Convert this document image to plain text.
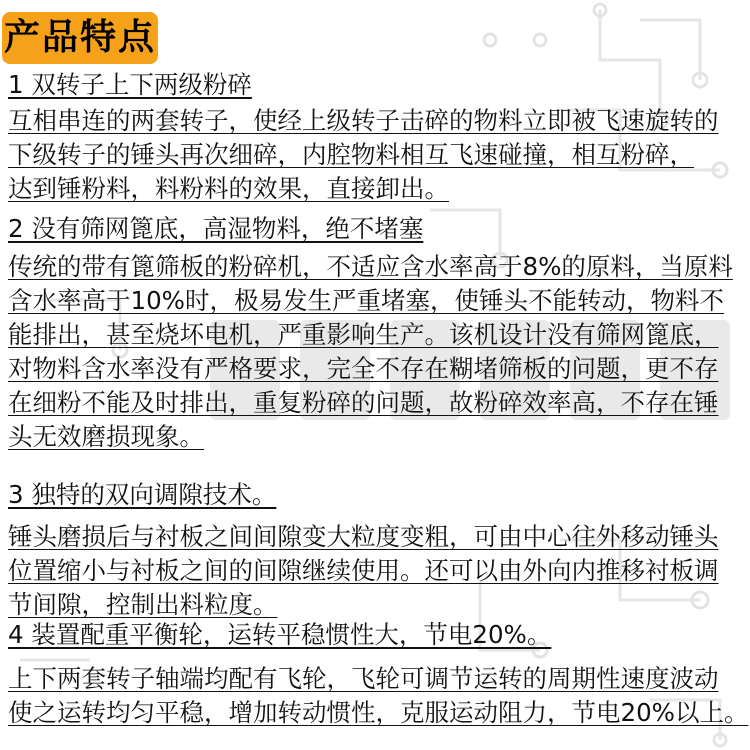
产品特点
1 双转子上下两级粉碎
互相串连的两套转子，使经上级转子击碎的物料立即被飞速旋转的
下级转子的锤头再次细碎，内腔物料相互飞速碰撞，相互粉碎，
达到锤粉料，料粉料的效果，直接卸出。
2 没有筛网篦底，高湿物料，绝不堵塞
传统的带有篦筛板的粉碎机，不适应含水率高于8%的原料，当原料
含水率高于10%时，极易发生严重堵塞，使锤头不能转动，物料不
能排出，甚至烧坏电机，严重影响生产。该机设计没有筛网篦底，
对物料含水率没有严格要求，完全不存在糊堵筛板的问题，更不存
在细粉不能及时排出，重复粉碎的问题，故粉碎效率高，不存在锤
头无效磨损现象。
3 独特的双向调隙技术。
锤头磨损后与衬板之间间隙变大粒度变粗，可由中心往外移动锤头
位置缩小与衬板之间的间隙继续使用。还可以由外向内推移衬板调
节间隙，控制出料粒度。
4 装置配重平衡轮，运转平稳惯性大，节电20%。
上下两套转子轴端均配有飞轮，飞轮可调节运转的周期性速度波动
使之运转均匀平稳，增加转动惯性，克服运动阻力，节电20%以上。
